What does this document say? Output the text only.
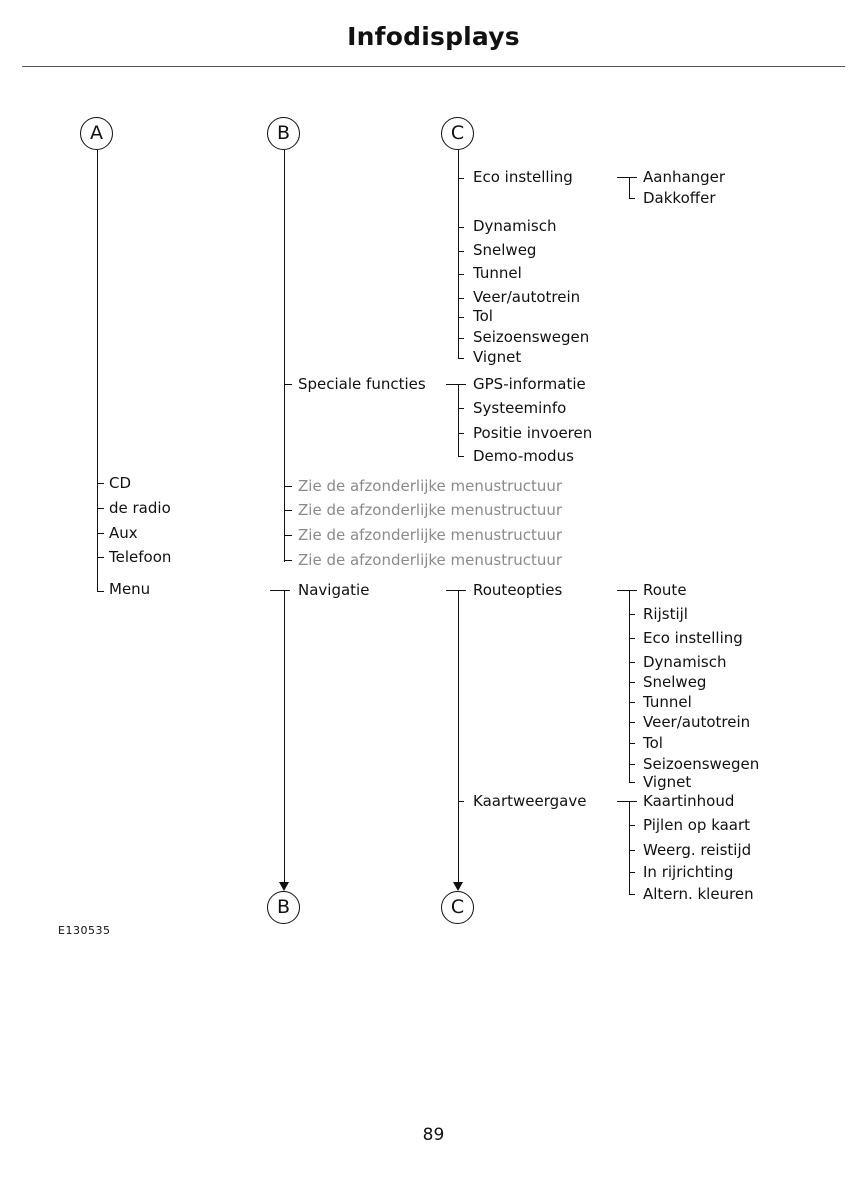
Infodisplays
A
CD
de radio
Aux
Telefoon
Menu
B
Speciale functies
Zie de afzonderlijke menustructuur
Zie de afzonderlijke menustructuur
Zie de afzonderlijke menustructuur
Zie de afzonderlijke menustructuur
Navigatie
B
C
Eco instelling
Dynamisch
Snelweg
Tunnel
Veer/autotrein
Tol
Seizoenswegen
Vignet
Aanhanger
Dakkoffer
GPS-informatie
Systeeminfo
Positie invoeren
Demo-modus
Routeopties
Kaartweergave
C
Route
Rijstijl
Eco instelling
Dynamisch
Snelweg
Tunnel
Veer/autotrein
Tol
Seizoenswegen
Vignet
Kaartinhoud
Pijlen op kaart
Weerg. reistijd
In rijrichting
Altern. kleuren
E130535
89
